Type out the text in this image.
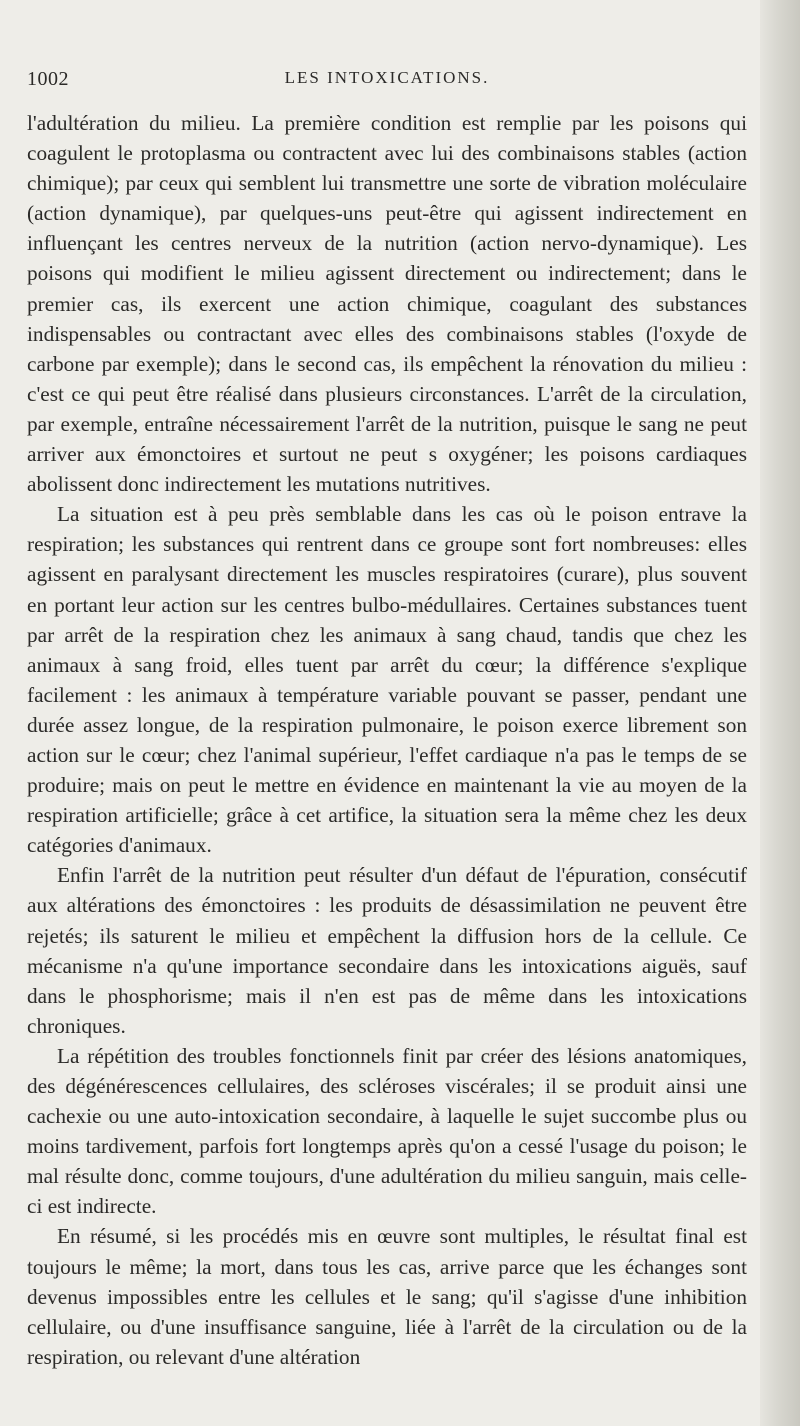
1002	LES INTOXICATIONS.

l'adultération du milieu. La première condition est remplie par les poisons qui coagulent le protoplasma ou contractent avec lui des combinaisons stables (action chimique); par ceux qui semblent lui transmettre une sorte de vibration moléculaire (action dynamique), par quelques-uns peut-être qui agissent indirectement en influençant les centres nerveux de la nutrition (action nervo-dynamique). Les poisons qui modifient le milieu agissent directement ou indirectement; dans le premier cas, ils exercent une action chimique, coagulant des substances indispensables ou contractant avec elles des combinaisons stables (l'oxyde de carbone par exemple); dans le second cas, ils empêchent la rénovation du milieu : c'est ce qui peut être réalisé dans plusieurs circonstances. L'arrêt de la circulation, par exemple, entraîne nécessairement l'arrêt de la nutrition, puisque le sang ne peut arriver aux émonctoires et surtout ne peut s oxygéner; les poisons cardiaques abolissent donc indirectement les mutations nutritives.

La situation est à peu près semblable dans les cas où le poison entrave la respiration; les substances qui rentrent dans ce groupe sont fort nombreuses: elles agissent en paralysant directement les muscles respiratoires (curare), plus souvent en portant leur action sur les centres bulbo-médullaires. Certaines substances tuent par arrêt de la respiration chez les animaux à sang chaud, tandis que chez les animaux à sang froid, elles tuent par arrêt du cœur; la différence s'explique facilement : les animaux à température variable pouvant se passer, pendant une durée assez longue, de la respiration pulmonaire, le poison exerce librement son action sur le cœur; chez l'animal supérieur, l'effet cardiaque n'a pas le temps de se produire; mais on peut le mettre en évidence en maintenant la vie au moyen de la respiration artificielle; grâce à cet artifice, la situation sera la même chez les deux catégories d'animaux.

Enfin l'arrêt de la nutrition peut résulter d'un défaut de l'épuration, consécutif aux altérations des émonctoires : les produits de désassimilation ne peuvent être rejetés; ils saturent le milieu et empêchent la diffusion hors de la cellule. Ce mécanisme n'a qu'une importance secondaire dans les intoxications aiguës, sauf dans le phosphorisme; mais il n'en est pas de même dans les intoxications chroniques.

La répétition des troubles fonctionnels finit par créer des lésions anatomiques, des dégénérescences cellulaires, des scléroses viscérales; il se produit ainsi une cachexie ou une auto-intoxication secondaire, à laquelle le sujet succombe plus ou moins tardivement, parfois fort longtemps après qu'on a cessé l'usage du poison; le mal résulte donc, comme toujours, d'une adultération du milieu sanguin, mais celle-ci est indirecte.

En résumé, si les procédés mis en œuvre sont multiples, le résultat final est toujours le même; la mort, dans tous les cas, arrive parce que les échanges sont devenus impossibles entre les cellules et le sang; qu'il s'agisse d'une inhibition cellulaire, ou d'une insuffisance sanguine, liée à l'arrêt de la circulation ou de la respiration, ou relevant d'une altération
